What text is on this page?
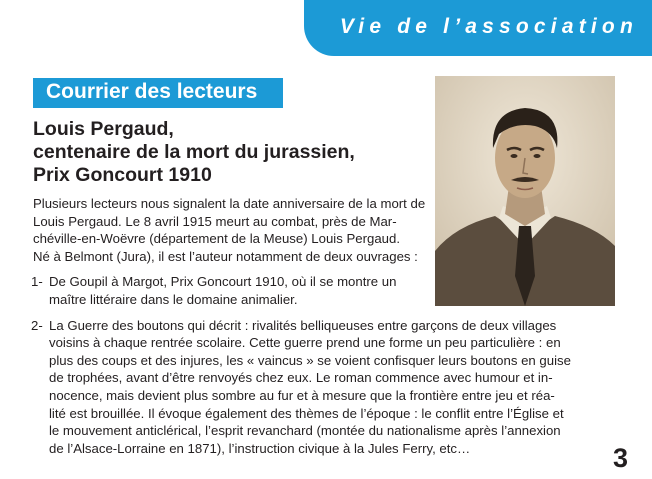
Vie de l’association
Courrier des lecteurs
Louis Pergaud,
centenaire de la mort du jurassien,
Prix Goncourt 1910
Plusieurs lecteurs nous signalent la date anniversaire de la mort de
Louis Pergaud. Le 8 avril 1915 meurt au combat, près de Mar-
chéville-en-Woëvre (département de la Meuse) Louis Pergaud.
Né à Belmont (Jura), il est l’auteur notamment de deux ouvrages :
1- De Goupil à Margot, Prix Goncourt 1910, où il se montre un
maître littéraire dans le domaine animalier.
2- La Guerre des boutons qui décrit : rivalités belliqueuses entre garçons de deux villages
voisins à chaque rentrée scolaire. Cette guerre prend une forme un peu particulière : en
plus des coups et des injures, les « vaincus » se voient confisquer leurs boutons en guise
de trophées, avant d’être renvoyés chez eux. Le roman commence avec humour et in-
nocence, mais devient plus sombre au fur et à mesure que la frontière entre jeu et réa-
lité est brouillée. Il évoque également des thèmes de l’époque : le conflit entre l’Église et
le mouvement anticlérical, l’esprit revanchard (montée du nationalisme après l’annexion
de l’Alsace-Lorraine en 1871), l’instruction civique à la Jules Ferry, etc…	3
